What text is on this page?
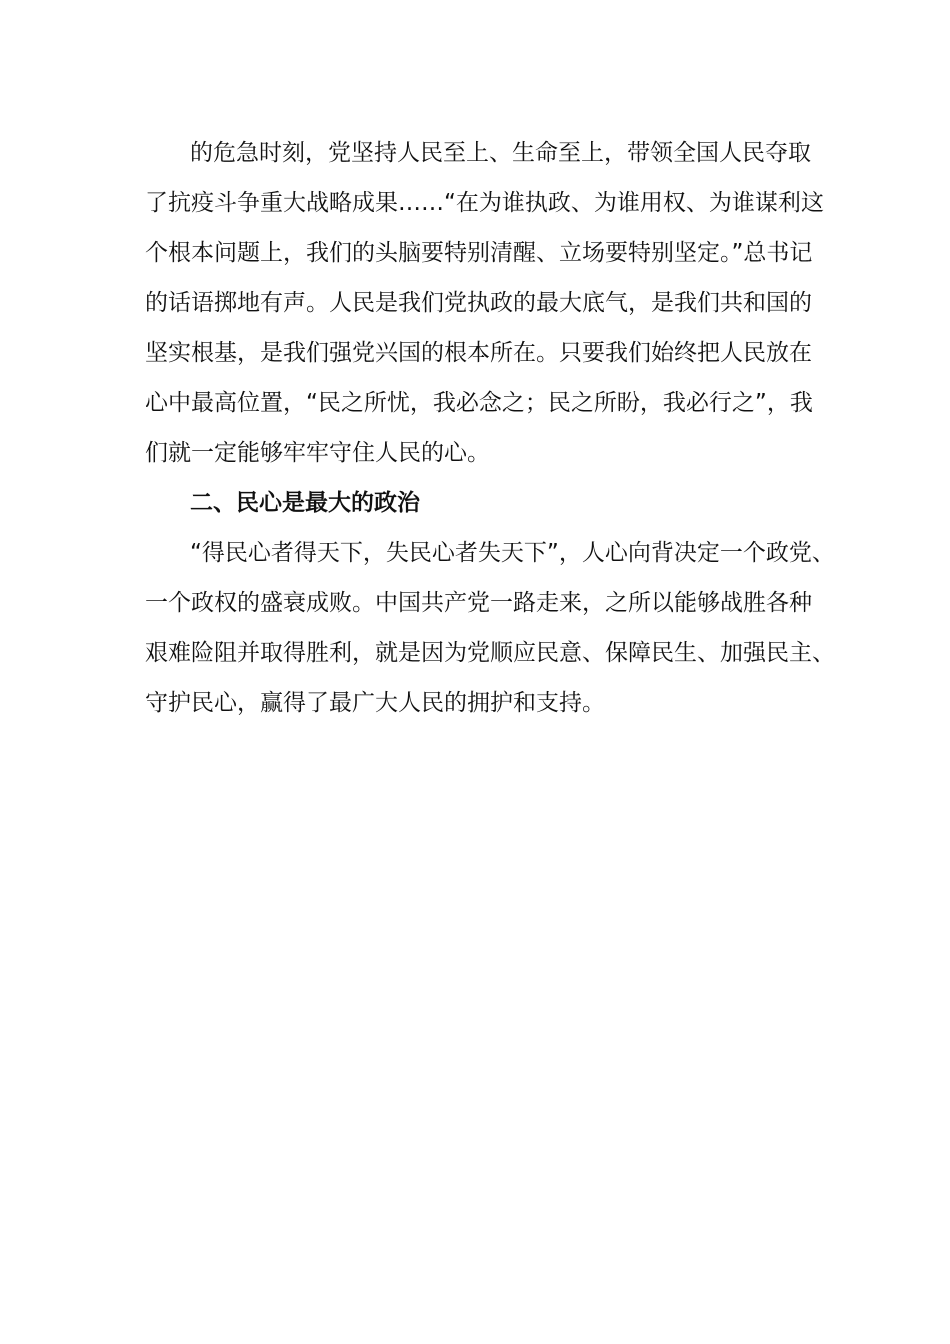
的危急时刻，党坚持人民至上、生命至上，带领全国人民夺取
了抗疫斗争重大战略成果……“在为谁执政、为谁用权、为谁谋利这
个根本问题上，我们的头脑要特别清醒、立场要特别坚定。”总书记
的话语掷地有声。人民是我们党执政的最大底气，是我们共和国的
坚实根基，是我们强党兴国的根本所在。只要我们始终把人民放在
心中最高位置，“民之所忧，我必念之；民之所盼，我必行之”，我
们就一定能够牢牢守住人民的心。
二、民心是最大的政治
“得民心者得天下，失民心者失天下”，人心向背决定一个政党、
一个政权的盛衰成败。中国共产党一路走来，之所以能够战胜各种
艰难险阻并取得胜利，就是因为党顺应民意、保障民生、加强民主、
守护民心，赢得了最广大人民的拥护和支持。
